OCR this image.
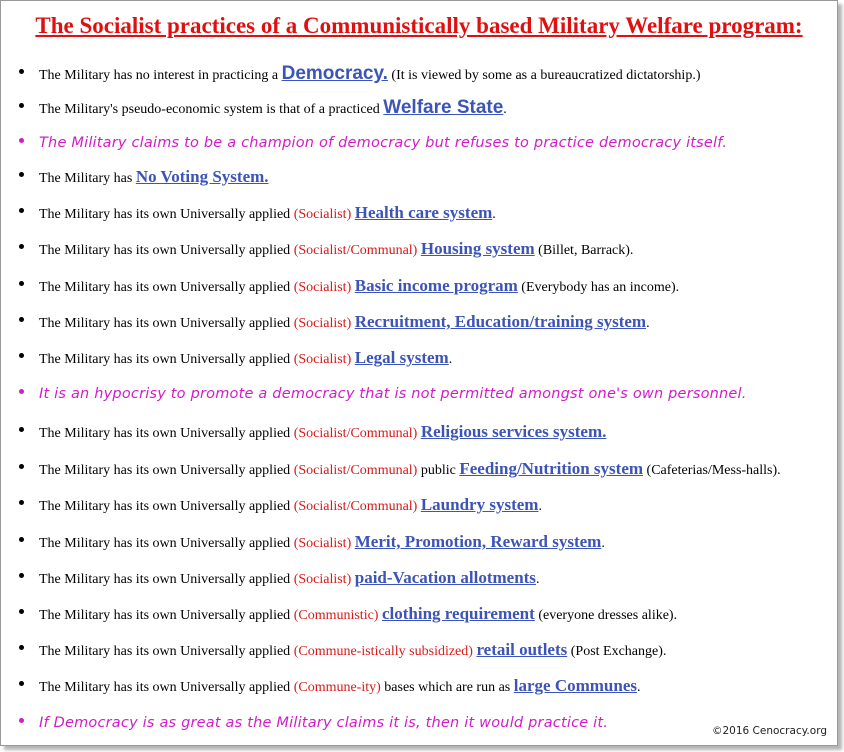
The Socialist practices of a Communistically based Military Welfare program:
The Military has no interest in practicing a Democracy. (It is viewed by some as a bureaucratized dictatorship.)
The Military's pseudo-economic system is that of a practiced Welfare State.
The Military claims to be a champion of democracy but refuses to practice democracy itself.
The Military has No Voting System.
The Military has its own Universally applied (Socialist) Health care system.
The Military has its own Universally applied (Socialist/Communal) Housing system (Billet, Barrack).
The Military has its own Universally applied (Socialist) Basic income program (Everybody has an income).
The Military has its own Universally applied (Socialist) Recruitment, Education/training system.
The Military has its own Universally applied (Socialist) Legal system.
It is an hypocrisy to promote a democracy that is not permitted amongst one's own personnel.
The Military has its own Universally applied (Socialist/Communal) Religious services system.
The Military has its own Universally applied (Socialist/Communal) public Feeding/Nutrition system (Cafeterias/Mess-halls).
The Military has its own Universally applied (Socialist/Communal) Laundry system.
The Military has its own Universally applied (Socialist) Merit, Promotion, Reward system.
The Military has its own Universally applied (Socialist) paid-Vacation allotments.
The Military has its own Universally applied (Communistic) clothing requirement (everyone dresses alike).
The Military has its own Universally applied (Commune-istically subsidized) retail outlets (Post Exchange).
The Military has its own Universally applied (Commune-ity) bases which are run as large Communes.
If Democracy is as great as the Military claims it is, then it would practice it.	©2016 Cenocracy.org
